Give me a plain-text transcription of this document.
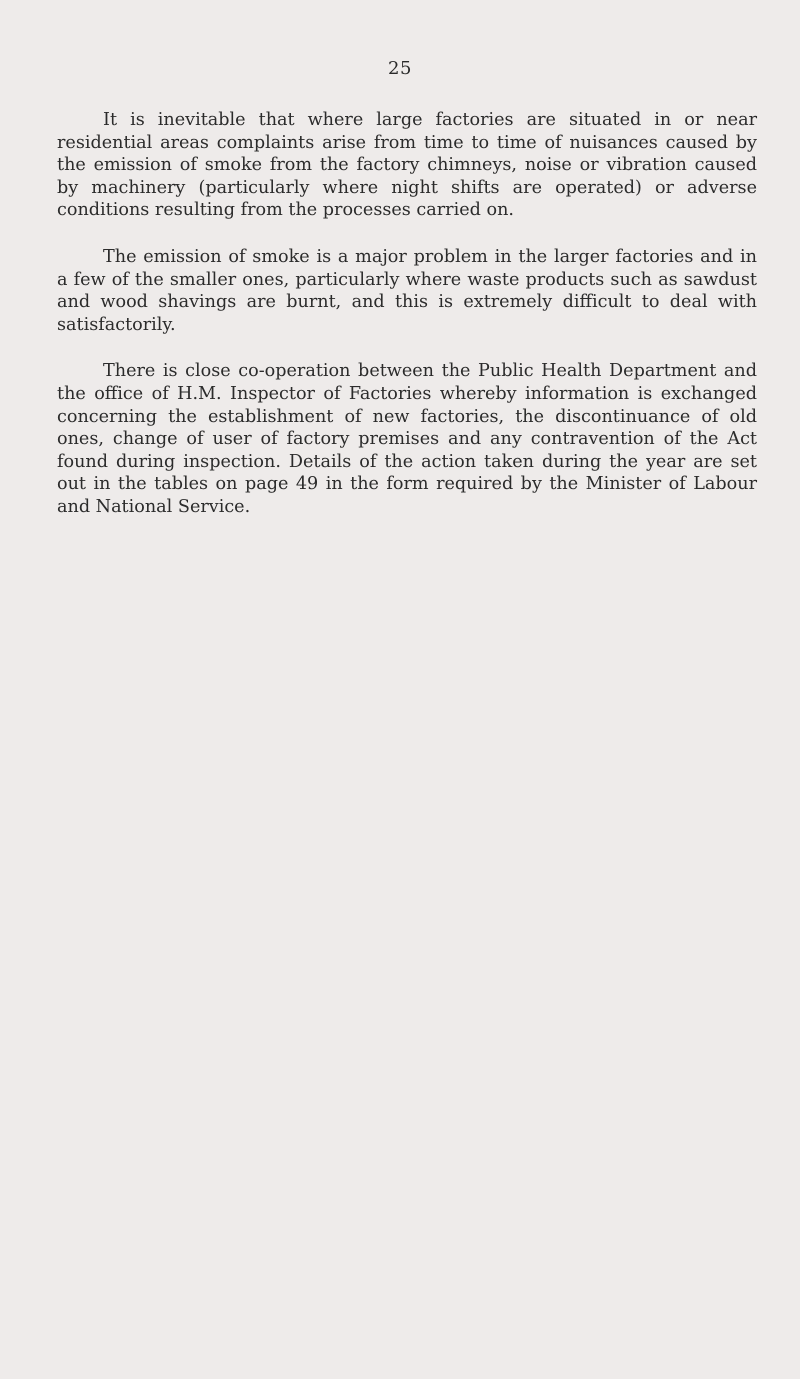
25

It is inevitable that where large factories are situated in or near residential areas complaints arise from time to time of nuisances caused by the emission of smoke from the factory chimneys, noise or vibration caused by machinery (particularly where night shifts are operated) or adverse conditions resulting from the processes carried on.

The emission of smoke is a major problem in the larger factories and in a few of the smaller ones, particularly where waste products such as sawdust and wood shavings are burnt, and this is extremely difficult to deal with satisfactorily.

There is close co-operation between the Public Health Department and the office of H.M. Inspector of Factories whereby information is exchanged concerning the establishment of new factories, the discontinuance of old ones, change of user of factory premises and any contravention of the Act found during inspection. Details of the action taken during the year are set out in the tables on page 49 in the form required by the Minister of Labour and National Service.
